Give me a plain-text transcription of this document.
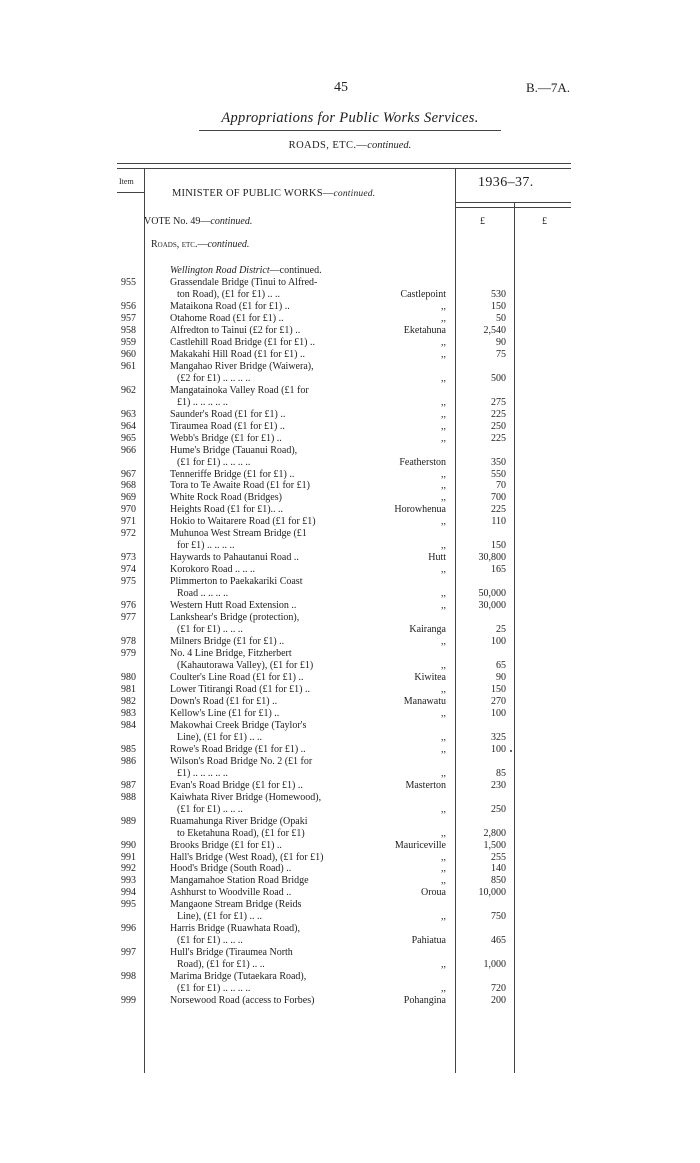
45	B.—7A.
Appropriations for Public Works Services.
ROADS, ETC.—continued.
Item	1936–37.
MINISTER OF PUBLIC WORKS—continued.
VOTE No. 49—continued.	£	£
Roads, etc.—continued.
Wellington Road District—continued.
955	Grassendale Bridge (Tinui to Alfred-
ton Road), (£1 for £1) .. ..	Castlepoint	530
956	Mataikona Road (£1 for £1) ..	,,	150
957	Otahome Road (£1 for £1) ..	,,	50
958	Alfredton to Tainui (£2 for £1) ..	Eketahuna	2,540
959	Castlehill Road Bridge (£1 for £1) ..	,,	90
960	Makakahi Hill Road (£1 for £1) ..	,,	75
961	Mangahao River Bridge (Waiwera),
(£2 for £1) .. .. .. ..	,,	500
962	Mangatainoka Valley Road (£1 for
£1) .. .. .. .. ..	,,	275
963	Saunder's Road (£1 for £1) ..	,,	225
964	Tiraumea Road (£1 for £1) ..	,,	250
965	Webb's Bridge (£1 for £1) ..	,,	225
966	Hume's Bridge (Tauanui Road),
(£1 for £1) .. .. .. ..	Featherston	350
967	Tenneriffe Bridge (£1 for £1) ..	,,	550
968	Tora to Te Awaite Road (£1 for £1)	,,	70
969	White Rock Road (Bridges)	,,	700
970	Heights Road (£1 for £1).. ..	Horowhenua	225
971	Hokio to Waitarere Road (£1 for £1)	,,	110
972	Muhunoa West Stream Bridge (£1
for £1) .. .. .. ..	,,	150
973	Haywards to Pahautanui Road ..	Hutt	30,800
974	Korokoro Road .. .. ..	,,	165
975	Plimmerton to Paekakariki Coast
Road .. .. .. ..	,,	50,000
976	Western Hutt Road Extension ..	,,	30,000
977	Lankshear's Bridge (protection),
(£1 for £1) .. .. ..	Kairanga	25
978	Milners Bridge (£1 for £1) ..	,,	100
979	No. 4 Line Bridge, Fitzherbert
(Kahautorawa Valley), (£1 for £1)	,,	65
980	Coulter's Line Road (£1 for £1) ..	Kiwitea	90
981	Lower Titirangi Road (£1 for £1) ..	,,	150
982	Down's Road (£1 for £1) ..	Manawatu	270
983	Kellow's Line (£1 for £1) ..	,,	100
984	Makowhai Creek Bridge (Taylor's
Line), (£1 for £1) .. ..	,,	325
985	Rowe's Road Bridge (£1 for £1) ..	,,	100
986	Wilson's Road Bridge No. 2 (£1 for
£1) .. .. .. .. ..	,,	85
987	Evan's Road Bridge (£1 for £1) ..	Masterton	230
988	Kaiwhata River Bridge (Homewood),
(£1 for £1) .. .. ..	,,	250
989	Ruamahunga River Bridge (Opaki
to Eketahuna Road), (£1 for £1)	,,	2,800
990	Brooks Bridge (£1 for £1) ..	Mauriceville	1,500
991	Hall's Bridge (West Road), (£1 for £1)	,,	255
992	Hood's Bridge (South Road) ..	,,	140
993	Mangamahoe Station Road Bridge	,,	850
994	Ashhurst to Woodville Road ..	Oroua	10,000
995	Mangaone Stream Bridge (Reids
Line), (£1 for £1) .. ..	,,	750
996	Harris Bridge (Ruawhata Road),
(£1 for £1) .. .. ..	Pahiatua	465
997	Hull's Bridge (Tiraumea North
Road), (£1 for £1) .. ..	,,	1,000
998	Marima Bridge (Tutaekara Road),
(£1 for £1) .. .. .. ..	,,	720
999	Norsewood Road (access to Forbes)	Pohangina	200
